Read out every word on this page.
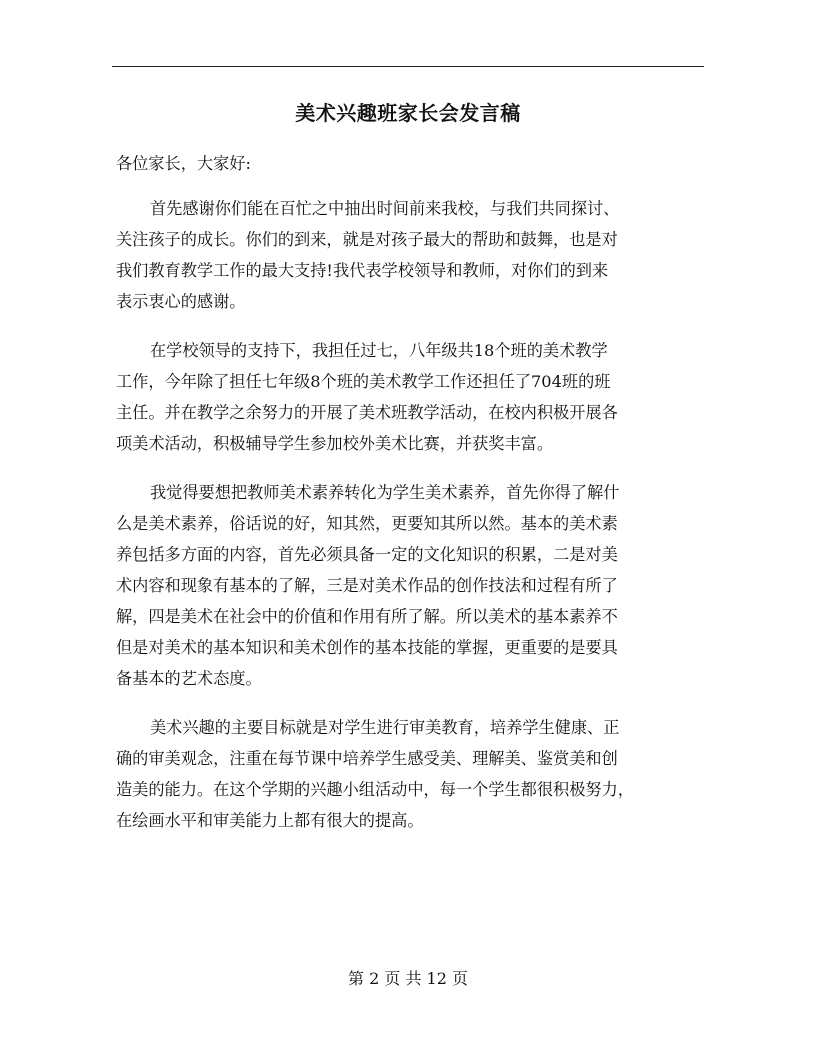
美术兴趣班家长会发言稿
各位家长，大家好:
首先感谢你们能在百忙之中抽出时间前来我校，与我们共同探讨、
关注孩子的成长。你们的到来，就是对孩子最大的帮助和鼓舞，也是对
我们教育教学工作的最大支持!我代表学校领导和教师，对你们的到来
表示衷心的感谢。
在学校领导的支持下，我担任过七，八年级共18个班的美术教学
工作，今年除了担任七年级8个班的美术教学工作还担任了704班的班
主任。并在教学之余努力的开展了美术班教学活动，在校内积极开展各
项美术活动，积极辅导学生参加校外美术比赛，并获奖丰富。
我觉得要想把教师美术素养转化为学生美术素养，首先你得了解什
么是美术素养，俗话说的好，知其然，更要知其所以然。基本的美术素
养包括多方面的内容，首先必须具备一定的文化知识的积累，二是对美
术内容和现象有基本的了解，三是对美术作品的创作技法和过程有所了
解，四是美术在社会中的价值和作用有所了解。所以美术的基本素养不
但是对美术的基本知识和美术创作的基本技能的掌握，更重要的是要具
备基本的艺术态度。
美术兴趣的主要目标就是对学生进行审美教育，培养学生健康、正
确的审美观念，注重在每节课中培养学生感受美、理解美、鉴赏美和创
造美的能力。在这个学期的兴趣小组活动中，每一个学生都很积极努力，
在绘画水平和审美能力上都有很大的提高。
第 2 页 共 12 页
